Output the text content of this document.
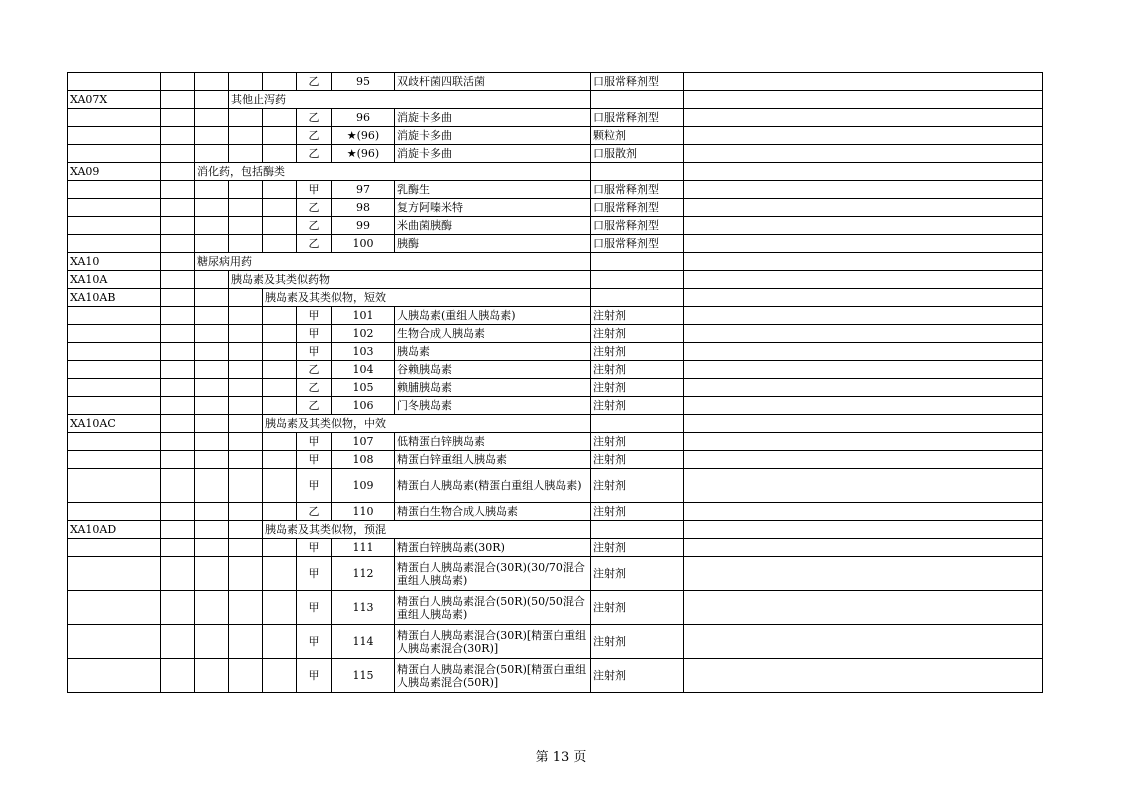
					乙	95	双歧杆菌四联活菌	口服常释剂型	
XA07X			其他止泻药						
					乙	96	消旋卡多曲	口服常释剂型	
					乙	★(96)	消旋卡多曲	颗粒剂	
					乙	★(96)	消旋卡多曲	口服散剂	
XA09		消化药，包括酶类							
					甲	97	乳酶生	口服常释剂型	
					乙	98	复方阿嗪米特	口服常释剂型	
					乙	99	米曲菌胰酶	口服常释剂型	
					乙	100	胰酶	口服常释剂型	
XA10		糖尿病用药							
XA10A			胰岛素及其类似药物						
XA10AB				胰岛素及其类似物，短效					
					甲	101	人胰岛素(重组人胰岛素)	注射剂	
					甲	102	生物合成人胰岛素	注射剂	
					甲	103	胰岛素	注射剂	
					乙	104	谷赖胰岛素	注射剂	
					乙	105	赖脯胰岛素	注射剂	
					乙	106	门冬胰岛素	注射剂	
XA10AC				胰岛素及其类似物，中效					
					甲	107	低精蛋白锌胰岛素	注射剂	
					甲	108	精蛋白锌重组人胰岛素	注射剂	
					甲	109	精蛋白人胰岛素(精蛋白重组人胰岛素)	注射剂	
					乙	110	精蛋白生物合成人胰岛素	注射剂	
XA10AD				胰岛素及其类似物，预混					
					甲	111	精蛋白锌胰岛素(30R)	注射剂	
					甲	112	精蛋白人胰岛素混合(30R)(30/70混合重组人胰岛素)	注射剂	
					甲	113	精蛋白人胰岛素混合(50R)(50/50混合重组人胰岛素)	注射剂	
					甲	114	精蛋白人胰岛素混合(30R)[精蛋白重组人胰岛素混合(30R)]	注射剂	
					甲	115	精蛋白人胰岛素混合(50R)[精蛋白重组人胰岛素混合(50R)]	注射剂	
第 13 页
